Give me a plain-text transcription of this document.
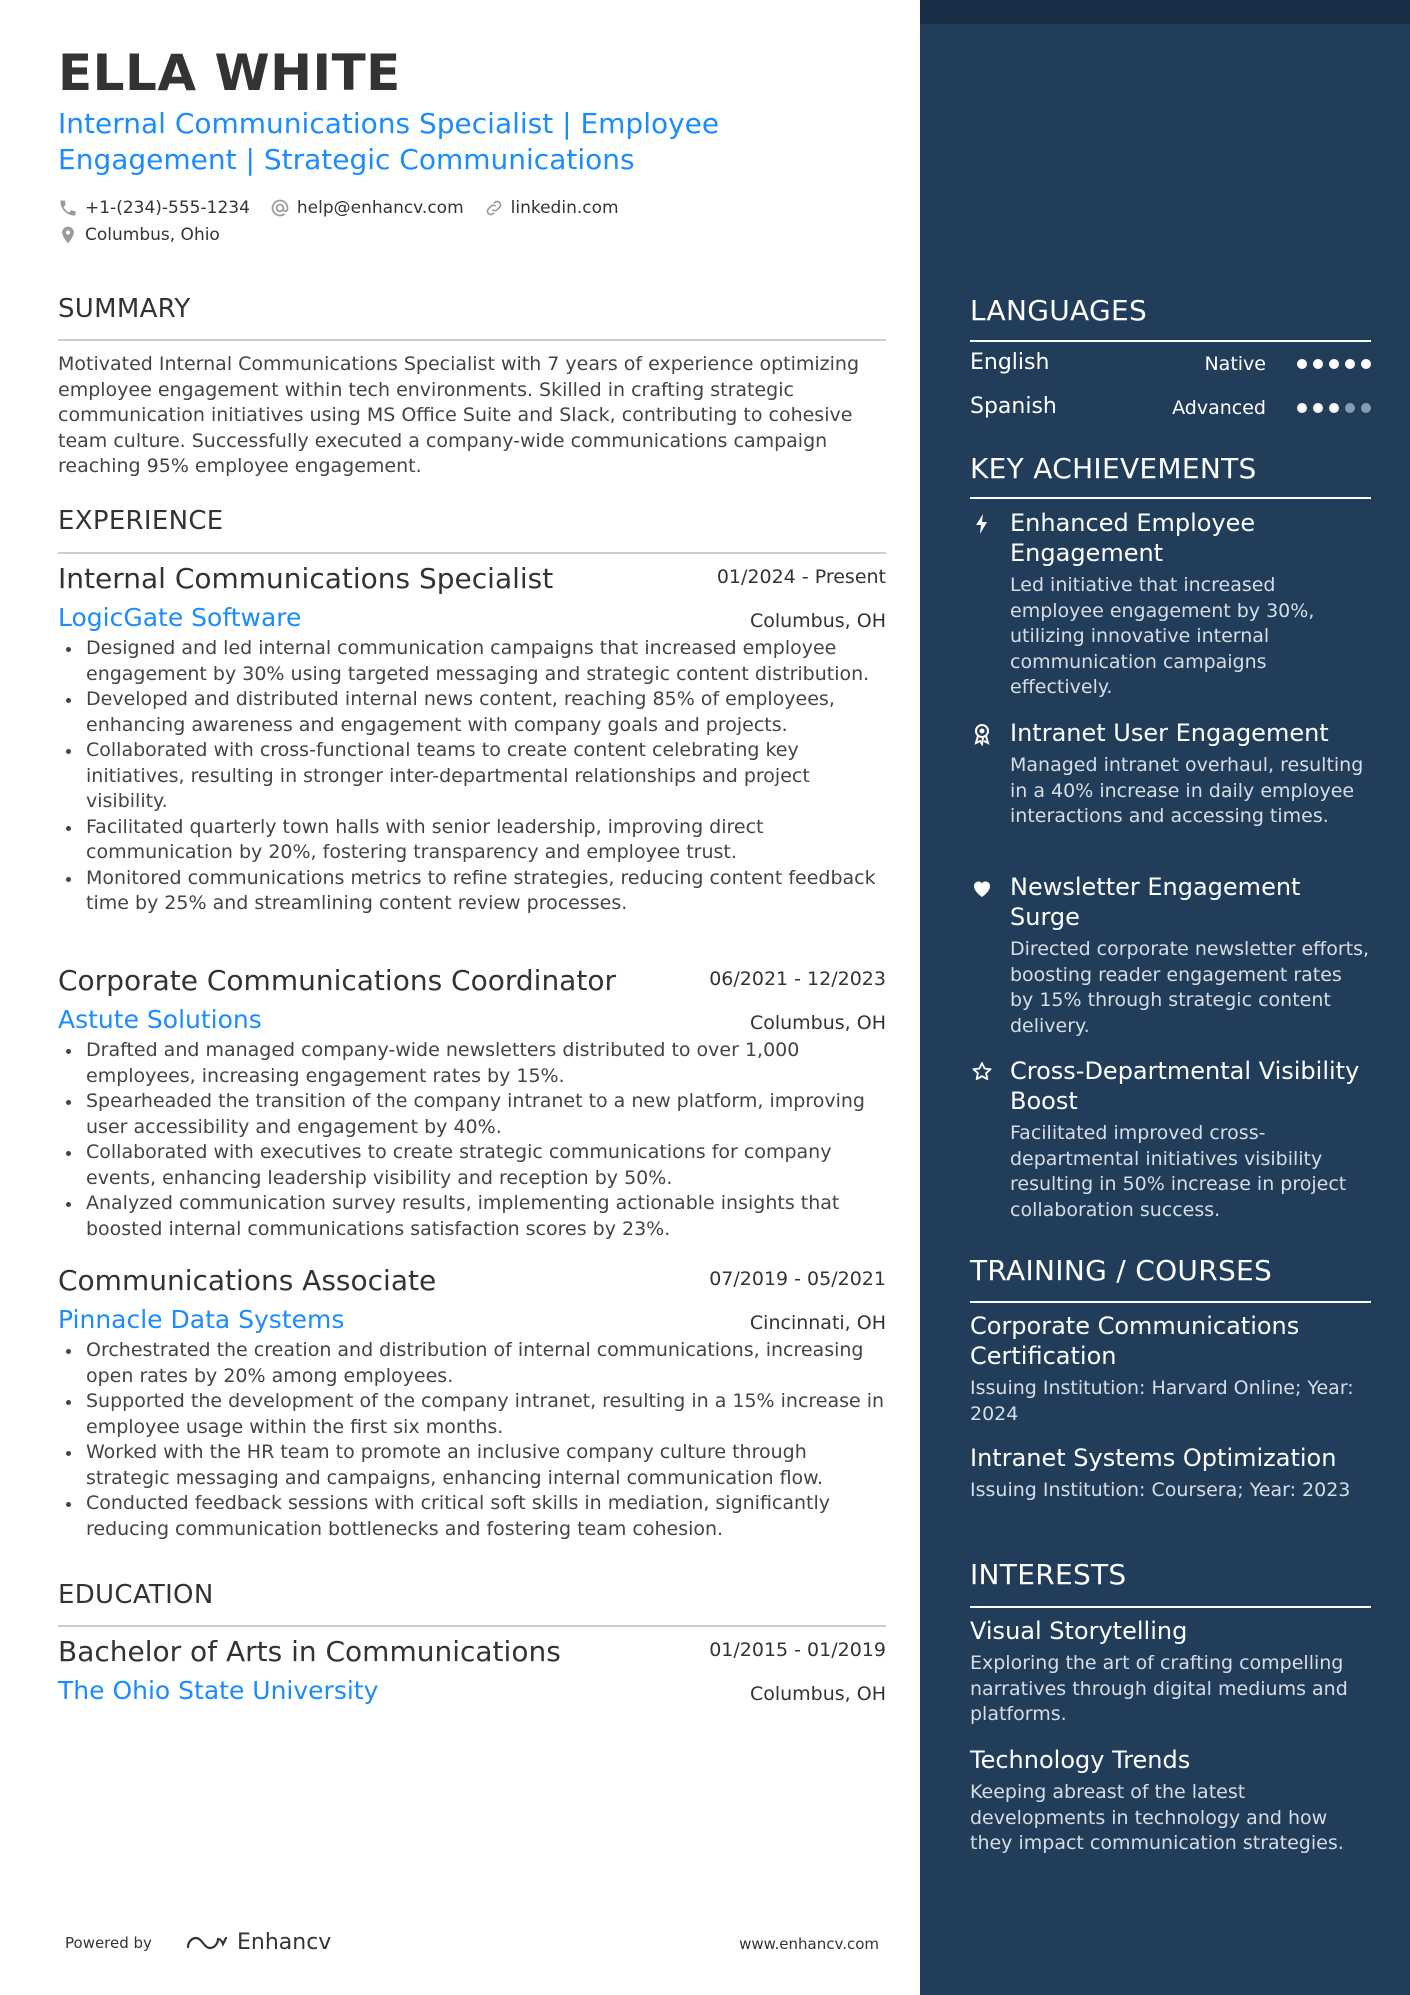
ELLA WHITE
Internal Communications Specialist | Employee Engagement | Strategic Communications
+1-(234)-555-1234	help@enhancv.com	linkedin.com
Columbus, Ohio
SUMMARY
Motivated Internal Communications Specialist with 7 years of experience optimizing employee engagement within tech environments. Skilled in crafting strategic communication initiatives using MS Office Suite and Slack, contributing to cohesive team culture. Successfully executed a company-wide communications campaign reaching 95% employee engagement.
EXPERIENCE
Internal Communications Specialist	01/2024 - Present
LogicGate Software	Columbus, OH
Designed and led internal communication campaigns that increased employee engagement by 30% using targeted messaging and strategic content distribution.
Developed and distributed internal news content, reaching 85% of employees, enhancing awareness and engagement with company goals and projects.
Collaborated with cross-functional teams to create content celebrating key initiatives, resulting in stronger inter-departmental relationships and project visibility.
Facilitated quarterly town halls with senior leadership, improving direct communication by 20%, fostering transparency and employee trust.
Monitored communications metrics to refine strategies, reducing content feedback time by 25% and streamlining content review processes.
Corporate Communications Coordinator	06/2021 - 12/2023
Astute Solutions	Columbus, OH
Drafted and managed company-wide newsletters distributed to over 1,000 employees, increasing engagement rates by 15%.
Spearheaded the transition of the company intranet to a new platform, improving user accessibility and engagement by 40%.
Collaborated with executives to create strategic communications for company events, enhancing leadership visibility and reception by 50%.
Analyzed communication survey results, implementing actionable insights that boosted internal communications satisfaction scores by 23%.
Communications Associate	07/2019 - 05/2021
Pinnacle Data Systems	Cincinnati, OH
Orchestrated the creation and distribution of internal communications, increasing open rates by 20% among employees.
Supported the development of the company intranet, resulting in a 15% increase in employee usage within the first six months.
Worked with the HR team to promote an inclusive company culture through strategic messaging and campaigns, enhancing internal communication flow.
Conducted feedback sessions with critical soft skills in mediation, significantly reducing communication bottlenecks and fostering team cohesion.
EDUCATION
Bachelor of Arts in Communications	01/2015 - 01/2019
The Ohio State University	Columbus, OH
Powered by	Enhancv	www.enhancv.com
LANGUAGES
English	Native
Spanish	Advanced
KEY ACHIEVEMENTS
Enhanced Employee Engagement
Led initiative that increased employee engagement by 30%, utilizing innovative internal communication campaigns effectively.
Intranet User Engagement
Managed intranet overhaul, resulting in a 40% increase in daily employee interactions and accessing times.
Newsletter Engagement Surge
Directed corporate newsletter efforts, boosting reader engagement rates by 15% through strategic content delivery.
Cross-Departmental Visibility Boost
Facilitated improved cross-departmental initiatives visibility resulting in 50% increase in project collaboration success.
TRAINING / COURSES
Corporate Communications Certification
Issuing Institution: Harvard Online; Year: 2024
Intranet Systems Optimization
Issuing Institution: Coursera; Year: 2023
INTERESTS
Visual Storytelling
Exploring the art of crafting compelling narratives through digital mediums and platforms.
Technology Trends
Keeping abreast of the latest developments in technology and how they impact communication strategies.
